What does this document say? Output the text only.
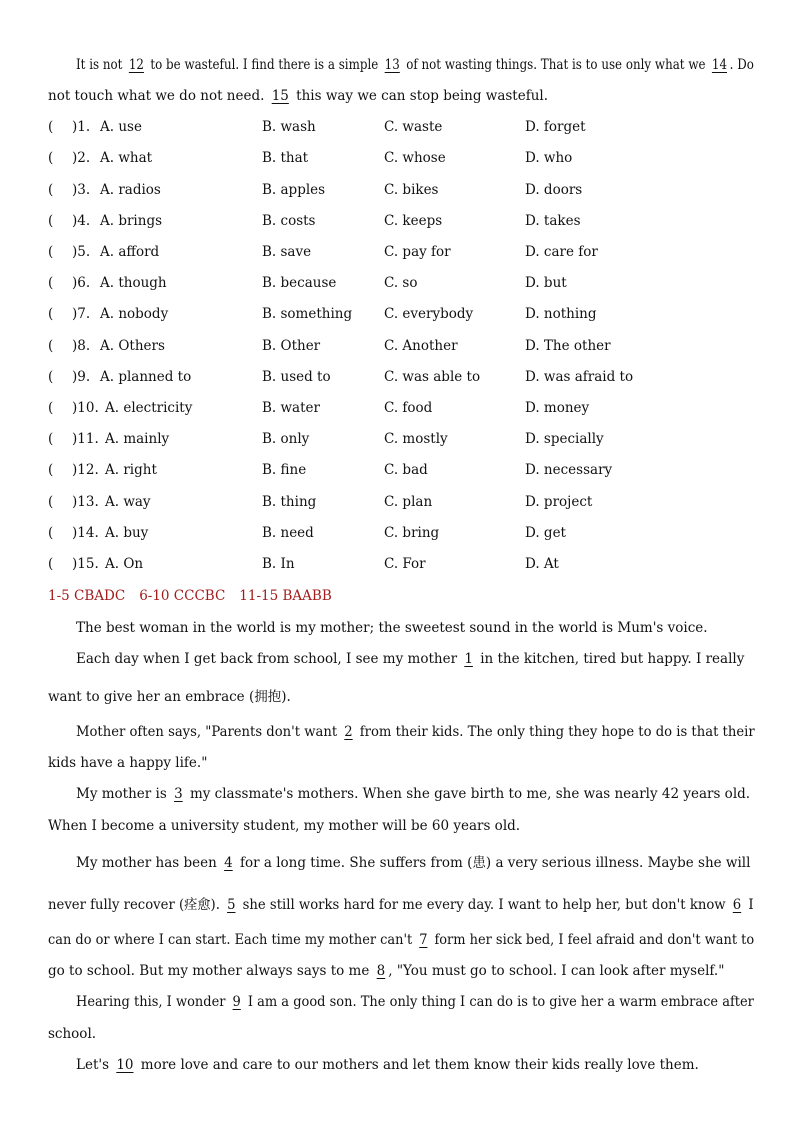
It is not 12 to be wasteful. I find there is a simple 13 of not wasting things. That is to use only what we 14 . Do
not touch what we do not need. 15 this way we can stop being wasteful.
( )1. A. use	B. wash	C. waste	D. forget
( )2. A. what	B. that	C. whose	D. who
( )3. A. radios	B. apples	C. bikes	D. doors
( )4. A. brings	B. costs	C. keeps	D. takes
( )5. A. afford	B. save	C. pay for	D. care for
( )6. A. though	B. because	C. so	D. but
( )7. A. nobody	B. something C. everybody	D. nothing
( )8. A. Others	B. Other	C. Another	D. The other
( )9. A. planned to	B. used to	C. was able to	D. was afraid to
( )10. A. electricity	B. water	C. food	D. money
( )11. A. mainly	B. only	C. mostly	D. specially
( )12. A. right	B. fine	C. bad	D. necessary
( )13. A. way	B. thing	C. plan	D. project
( )14. A. buy	B. need	C. bring	D. get
( )15. A. On	B. In	C. For	D. At
1-5 CBADC 6-10 CCCBC 11-15 BAABB
The best woman in the world is my mother; the sweetest sound in the world is Mum's voice.
Each day when I get back from school, I see my mother 1 in the kitchen, tired but happy. I really
want to give her an embrace (拥抱).
Mother often says, "Parents don't want 2 from their kids. The only thing they hope to do is that their
kids have a happy life."
My mother is 3 my classmate's mothers. When she gave birth to me, she was nearly 42 years old.
When I become a university student, my mother will be 60 years old.
My mother has been 4 for a long time. She suffers from (患) a very serious illness. Maybe she will
never fully recover (痊愈). 5 she still works hard for me every day. I want to help her, but don't know 6 I
can do or where I can start. Each time my mother can't 7 form her sick bed, I feel afraid and don't want to
go to school. But my mother always says to me 8 , "You must go to school. I can look after myself."
Hearing this, I wonder 9 I am a good son. The only thing I can do is to give her a warm embrace after
school.
Let's 10 more love and care to our mothers and let them know their kids really love them.
